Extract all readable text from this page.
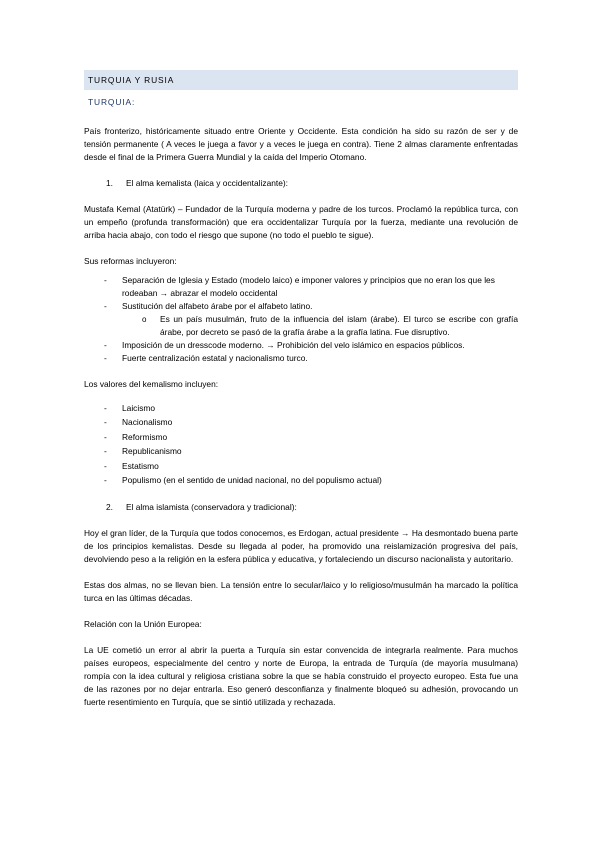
TURQUIA Y RUSIA
TURQUIA:

País fronterizo, históricamente situado entre Oriente y Occidente. Esta condición ha sido su razón de ser y de tensión permanente ( A veces le juega a favor y a veces le juega en contra). Tiene 2 almas claramente enfrentadas desde el final de la Primera Guerra Mundial y la caída del Imperio Otomano.

1. El alma kemalista (laica y occidentalizante):

Mustafa Kemal (Atatürk) – Fundador de la Turquía moderna y padre de los turcos. Proclamó la república turca, con un empeño (profunda transformación) que era occidentalizar Turquía por la fuerza, mediante una revolución de arriba hacia abajo, con todo el riesgo que supone (no todo el pueblo te sigue).

Sus reformas incluyeron:

- Separación de Iglesia y Estado (modelo laico) e imponer valores y principios que no eran los que les rodeaban → abrazar el modelo occidental
- Sustitución del alfabeto árabe por el alfabeto latino.
o Es un país musulmán, fruto de la influencia del islam (árabe). El turco se escribe con grafía árabe, por decreto se pasó de la grafía árabe a la grafía latina. Fue disruptivo.
- Imposición de un dresscode moderno. → Prohibición del velo islámico en espacios públicos.
- Fuerte centralización estatal y nacionalismo turco.

Los valores del kemalismo incluyen:

- Laicismo
- Nacionalismo
- Reformismo
- Republicanismo
- Estatismo
- Populismo (en el sentido de unidad nacional, no del populismo actual)
2. El alma islamista (conservadora y tradicional):

Hoy el gran líder, de la Turquía que todos conocemos, es Erdogan, actual presidente → Ha desmontado buena parte de los principios kemalistas. Desde su llegada al poder, ha promovido una reislamización progresiva del país, devolviendo peso a la religión en la esfera pública y educativa, y fortaleciendo un discurso nacionalista y autoritario.

Estas dos almas, no se llevan bien. La tensión entre lo secular/laico y lo religioso/musulmán ha marcado la política turca en las últimas décadas.

Relación con la Unión Europea:

La UE cometió un error al abrir la puerta a Turquía sin estar convencida de integrarla realmente. Para muchos países europeos, especialmente del centro y norte de Europa, la entrada de Turquía (de mayoría musulmana) rompía con la idea cultural y religiosa cristiana sobre la que se había construido el proyecto europeo. Esta fue una de las razones por no dejar entrarla. Eso generó desconfianza y finalmente bloqueó su adhesión, provocando un fuerte resentimiento en Turquía, que se sintió utilizada y rechazada.
